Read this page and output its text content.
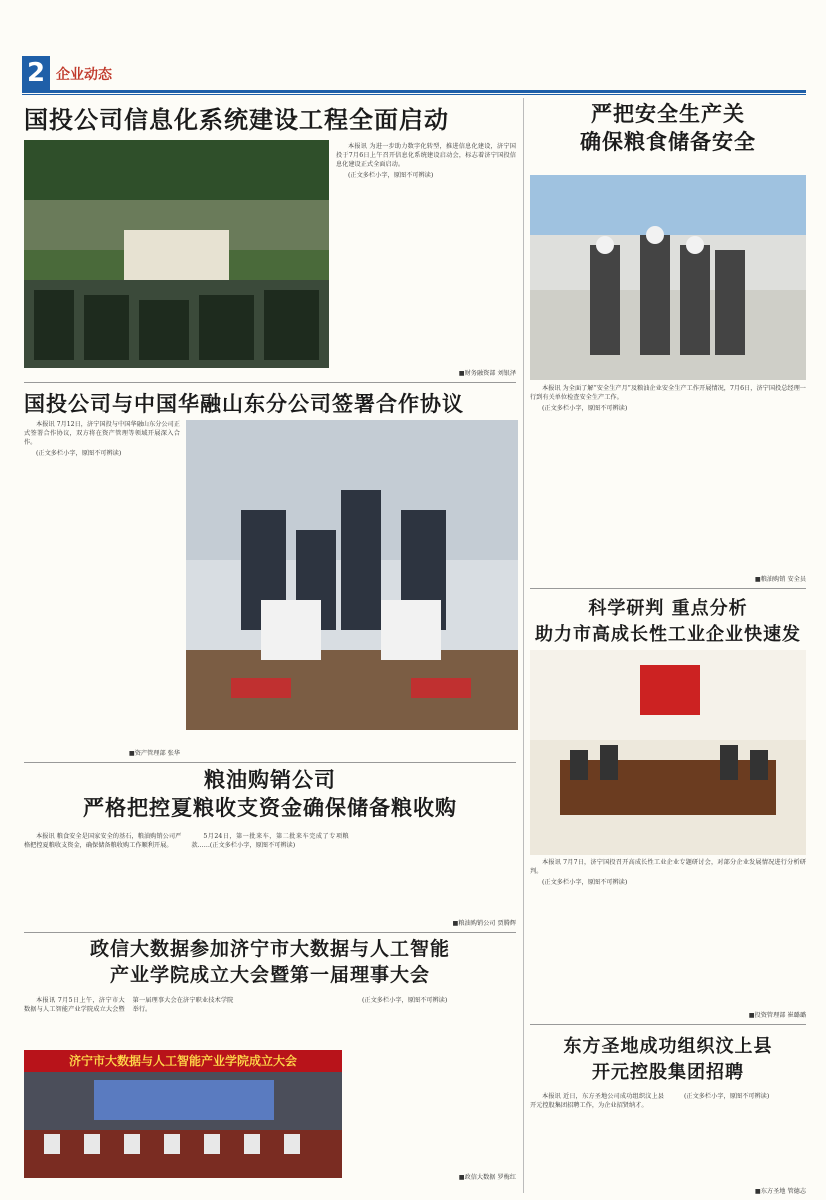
2 企业动态
国投公司信息化系统建设工程全面启动

本报讯 为进一步助力数字化转型，推进信息化建设，济宁国投于7月6日上午召开信息化系统建设启动会，标志着济宁国投信息化建设正式全面启动。

(正文多栏小字，原图不可辨读)

■财务融资部 刘银泽
国投公司与中国华融山东分公司签署合作协议

本报讯 7月12日，济宁国投与中国华融山东分公司正式签署合作协议，双方将在资产管理等领域开展深入合作。

(正文多栏小字，原图不可辨读)

■资产管理部 张华
严把安全生产关
确保粮食储备安全

本报讯 为全面了解“安全生产月”及粮油企业安全生产工作开展情况，7月6日，济宁国投总经理一行到有关单位检查安全生产工作。

(正文多栏小字，原图不可辨读)

■粮油购销 安全员
科学研判 重点分析
助力市高成长性工业企业快速发

本报讯 7月7日，济宁国投召开高成长性工业企业专题研讨会，对部分企业发展情况进行分析研判。

(正文多栏小字，原图不可辨读)

■投资管理部 崔璐璐
粮油购销公司
严格把控夏粮收支资金确保储备粮收购

本报讯 粮食安全是国家安全的基石，粮油购销公司严格把控夏粮收支资金，确保储备粮收购工作顺利开展。

5月24日，第一批来车，第二批来车完成了专项粮款……(正文多栏小字，原图不可辨读)

■粮油购销公司 贾腾辉
政信大数据参加济宁市大数据与人工智能
产业学院成立大会暨第一届理事大会

本报讯 7月5日上午，济宁市大数据与人工智能产业学院成立大会暨第一届理事大会在济宁职业技术学院举行。

(正文多栏小字，原图不可辨读)

■政信大数据 罗梅红
济宁市大数据与人工智能产业学院成立大会
东方圣地成功组织汶上县
开元控股集团招聘

本报讯 近日，东方圣地公司成功组织汶上县开元控股集团招聘工作，为企业招贤纳才。

(正文多栏小字，原图不可辨读)

■东方圣地 管德志
